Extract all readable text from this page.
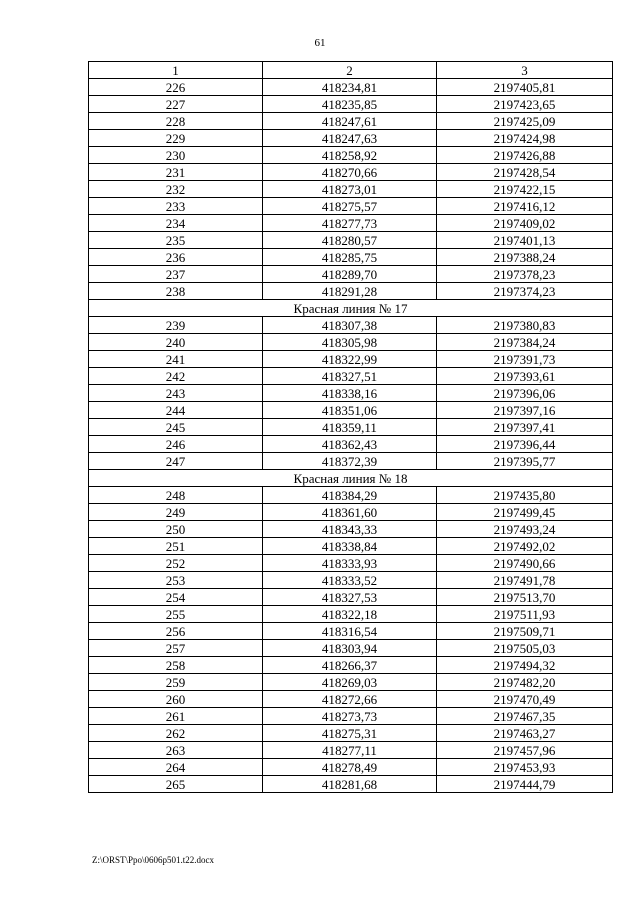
61
1	2	3
226	418234,81	2197405,81
227	418235,85	2197423,65
228	418247,61	2197425,09
229	418247,63	2197424,98
230	418258,92	2197426,88
231	418270,66	2197428,54
232	418273,01	2197422,15
233	418275,57	2197416,12
234	418277,73	2197409,02
235	418280,57	2197401,13
236	418285,75	2197388,24
237	418289,70	2197378,23
238	418291,28	2197374,23
Красная линия № 17		
239	418307,38	2197380,83
240	418305,98	2197384,24
241	418322,99	2197391,73
242	418327,51	2197393,61
243	418338,16	2197396,06
244	418351,06	2197397,16
245	418359,11	2197397,41
246	418362,43	2197396,44
247	418372,39	2197395,77
Красная линия № 18		
248	418384,29	2197435,80
249	418361,60	2197499,45
250	418343,33	2197493,24
251	418338,84	2197492,02
252	418333,93	2197490,66
253	418333,52	2197491,78
254	418327,53	2197513,70
255	418322,18	2197511,93
256	418316,54	2197509,71
257	418303,94	2197505,03
258	418266,37	2197494,32
259	418269,03	2197482,20
260	418272,66	2197470,49
261	418273,73	2197467,35
262	418275,31	2197463,27
263	418277,11	2197457,96
264	418278,49	2197453,93
265	418281,68	2197444,79
Z:\ORST\Ppo\0606p501.t22.docx
